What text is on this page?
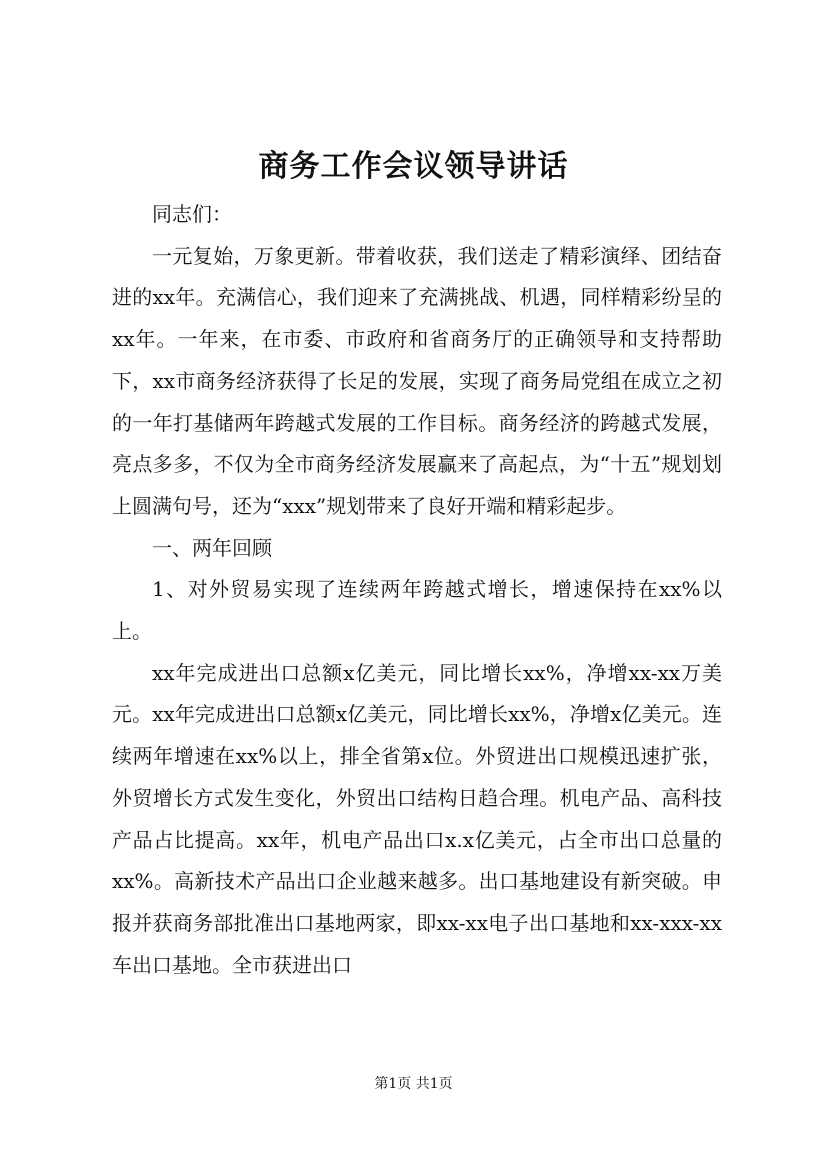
商务工作会议领导讲话

同志们：

一元复始，万象更新。带着收获，我们送走了精彩演绎、团结奋进的xx年。充满信心，我们迎来了充满挑战、机遇，同样精彩纷呈的xx年。一年来，在市委、市政府和省商务厅的正确领导和支持帮助下，xx市商务经济获得了长足的发展，实现了商务局党组在成立之初的一年打基储两年跨越式发展的工作目标。商务经济的跨越式发展，亮点多多，不仅为全市商务经济发展赢来了高起点，为“十五”规划划上圆满句号，还为“xxx”规划带来了良好开端和精彩起步。

一、两年回顾

1、对外贸易实现了连续两年跨越式增长，增速保持在xx%以上。

xx年完成进出口总额x亿美元，同比增长xx%，净增xx-xx万美元。xx年完成进出口总额x亿美元，同比增长xx%，净增x亿美元。连续两年增速在xx%以上，排全省第x位。外贸进出口规模迅速扩张，外贸增长方式发生变化，外贸出口结构日趋合理。机电产品、高科技产品占比提高。xx年，机电产品出口x.x亿美元，占全市出口总量的xx%。高新技术产品出口企业越来越多。出口基地建设有新突破。申报并获商务部批准出口基地两家，即xx-xx电子出口基地和xx-xxx-xx车出口基地。全市获进出口

第1页 共1页
